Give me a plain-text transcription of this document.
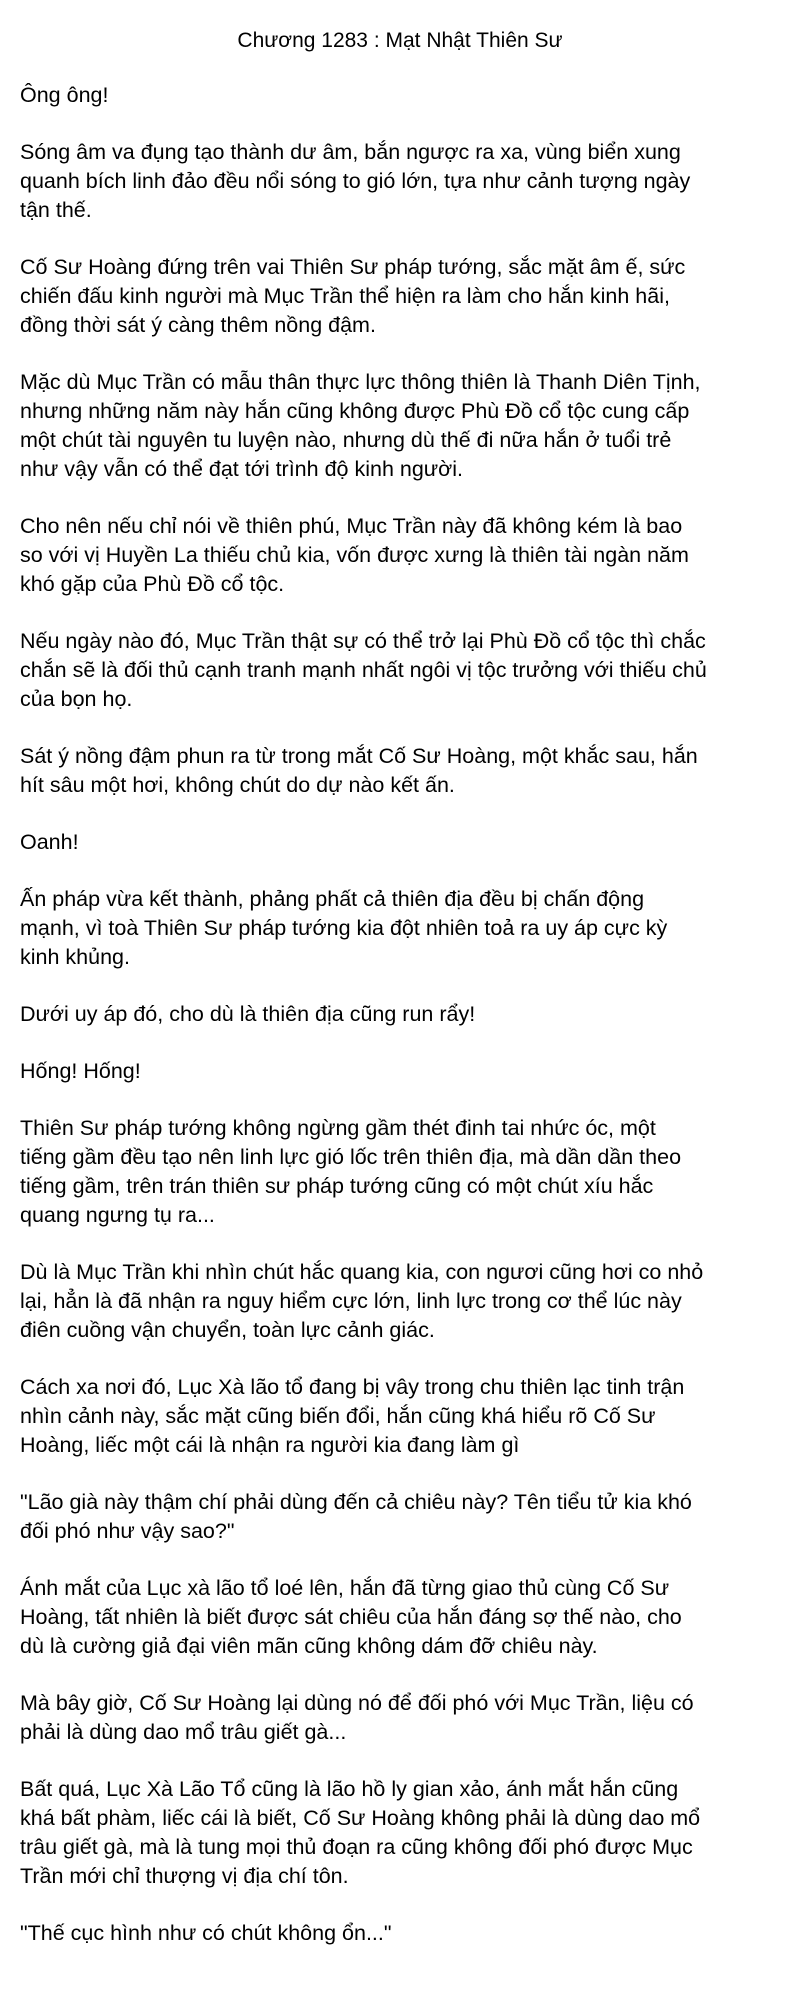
Chương 1283 : Mạt Nhật Thiên Sư

Ông ông!

Sóng âm va đụng tạo thành dư âm, bắn ngược ra xa, vùng biển xung
quanh bích linh đảo đều nổi sóng to gió lớn, tựa như cảnh tượng ngày
tận thế.

Cố Sư Hoàng đứng trên vai Thiên Sư pháp tướng, sắc mặt âm ế, sức
chiến đấu kinh người mà Mục Trần thể hiện ra làm cho hắn kinh hãi,
đồng thời sát ý càng thêm nồng đậm.

Mặc dù Mục Trần có mẫu thân thực lực thông thiên là Thanh Diên Tịnh,
nhưng những năm này hắn cũng không được Phù Đồ cổ tộc cung cấp
một chút tài nguyên tu luyện nào, nhưng dù thế đi nữa hắn ở tuổi trẻ
như vậy vẫn có thể đạt tới trình độ kinh người.

Cho nên nếu chỉ nói về thiên phú, Mục Trần này đã không kém là bao
so với vị Huyền La thiếu chủ kia, vốn được xưng là thiên tài ngàn năm
khó gặp của Phù Đồ cổ tộc.

Nếu ngày nào đó, Mục Trần thật sự có thể trở lại Phù Đồ cổ tộc thì chắc
chắn sẽ là đối thủ cạnh tranh mạnh nhất ngôi vị tộc trưởng với thiếu chủ
của bọn họ.

Sát ý nồng đậm phun ra từ trong mắt Cố Sư Hoàng, một khắc sau, hắn
hít sâu một hơi, không chút do dự nào kết ấn.

Oanh!

Ấn pháp vừa kết thành, phảng phất cả thiên địa đều bị chấn động
mạnh, vì toà Thiên Sư pháp tướng kia đột nhiên toả ra uy áp cực kỳ
kinh khủng.

Dưới uy áp đó, cho dù là thiên địa cũng run rẩy!

Hống! Hống!

Thiên Sư pháp tướng không ngừng gầm thét đinh tai nhức óc, một
tiếng gầm đều tạo nên linh lực gió lốc trên thiên địa, mà dần dần theo
tiếng gầm, trên trán thiên sư pháp tướng cũng có một chút xíu hắc
quang ngưng tụ ra...

Dù là Mục Trần khi nhìn chút hắc quang kia, con ngươi cũng hơi co nhỏ
lại, hẳn là đã nhận ra nguy hiểm cực lớn, linh lực trong cơ thể lúc này
điên cuồng vận chuyển, toàn lực cảnh giác.

Cách xa nơi đó, Lục Xà lão tổ đang bị vây trong chu thiên lạc tinh trận
nhìn cảnh này, sắc mặt cũng biến đổi, hắn cũng khá hiểu rõ Cố Sư
Hoàng, liếc một cái là nhận ra người kia đang làm gì

"Lão già này thậm chí phải dùng đến cả chiêu này? Tên tiểu tử kia khó
đối phó như vậy sao?"

Ánh mắt của Lục xà lão tổ loé lên, hắn đã từng giao thủ cùng Cố Sư
Hoàng, tất nhiên là biết được sát chiêu của hắn đáng sợ thế nào, cho
dù là cường giả đại viên mãn cũng không dám đỡ chiêu này.

Mà bây giờ, Cố Sư Hoàng lại dùng nó để đối phó với Mục Trần, liệu có
phải là dùng dao mổ trâu giết gà...

Bất quá, Lục Xà Lão Tổ cũng là lão hồ ly gian xảo, ánh mắt hắn cũng
khá bất phàm, liếc cái là biết, Cố Sư Hoàng không phải là dùng dao mổ
trâu giết gà, mà là tung mọi thủ đoạn ra cũng không đối phó được Mục
Trần mới chỉ thượng vị địa chí tôn.

"Thế cục hình như có chút không ổn..."
